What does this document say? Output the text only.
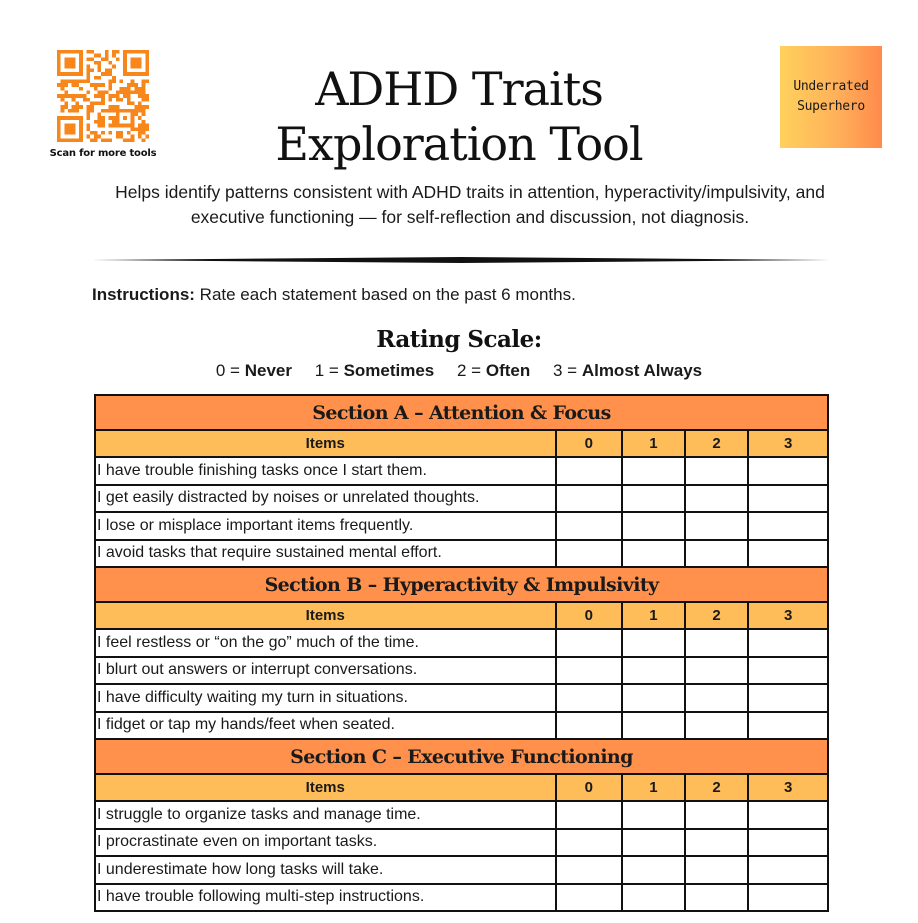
Scan for more tools
Underrated
Superhero
ADHD Traits
Exploration Tool

Helps identify patterns consistent with ADHD traits in attention, hyperactivity/impulsivity, and executive functioning — for self-reflection and discussion, not diagnosis.

Instructions: Rate each statement based on the past 6 months.
Rating Scale:
0 = Never 1 = Sometimes 2 = Often 3 = Almost Always
Section A – Attention & Focus				
Items	0	1	2	3
I have trouble finishing tasks once I start them.				
I get easily distracted by noises or unrelated thoughts.				
I lose or misplace important items frequently.				
I avoid tasks that require sustained mental effort.				
Section B – Hyperactivity & Impulsivity				
Items	0	1	2	3
I feel restless or “on the go” much of the time.				
I blurt out answers or interrupt conversations.				
I have difficulty waiting my turn in situations.				
I fidget or tap my hands/feet when seated.				
Section C – Executive Functioning				
Items	0	1	2	3
I struggle to organize tasks and manage time.				
I procrastinate even on important tasks.				
I underestimate how long tasks will take.				
I have trouble following multi-step instructions.				
